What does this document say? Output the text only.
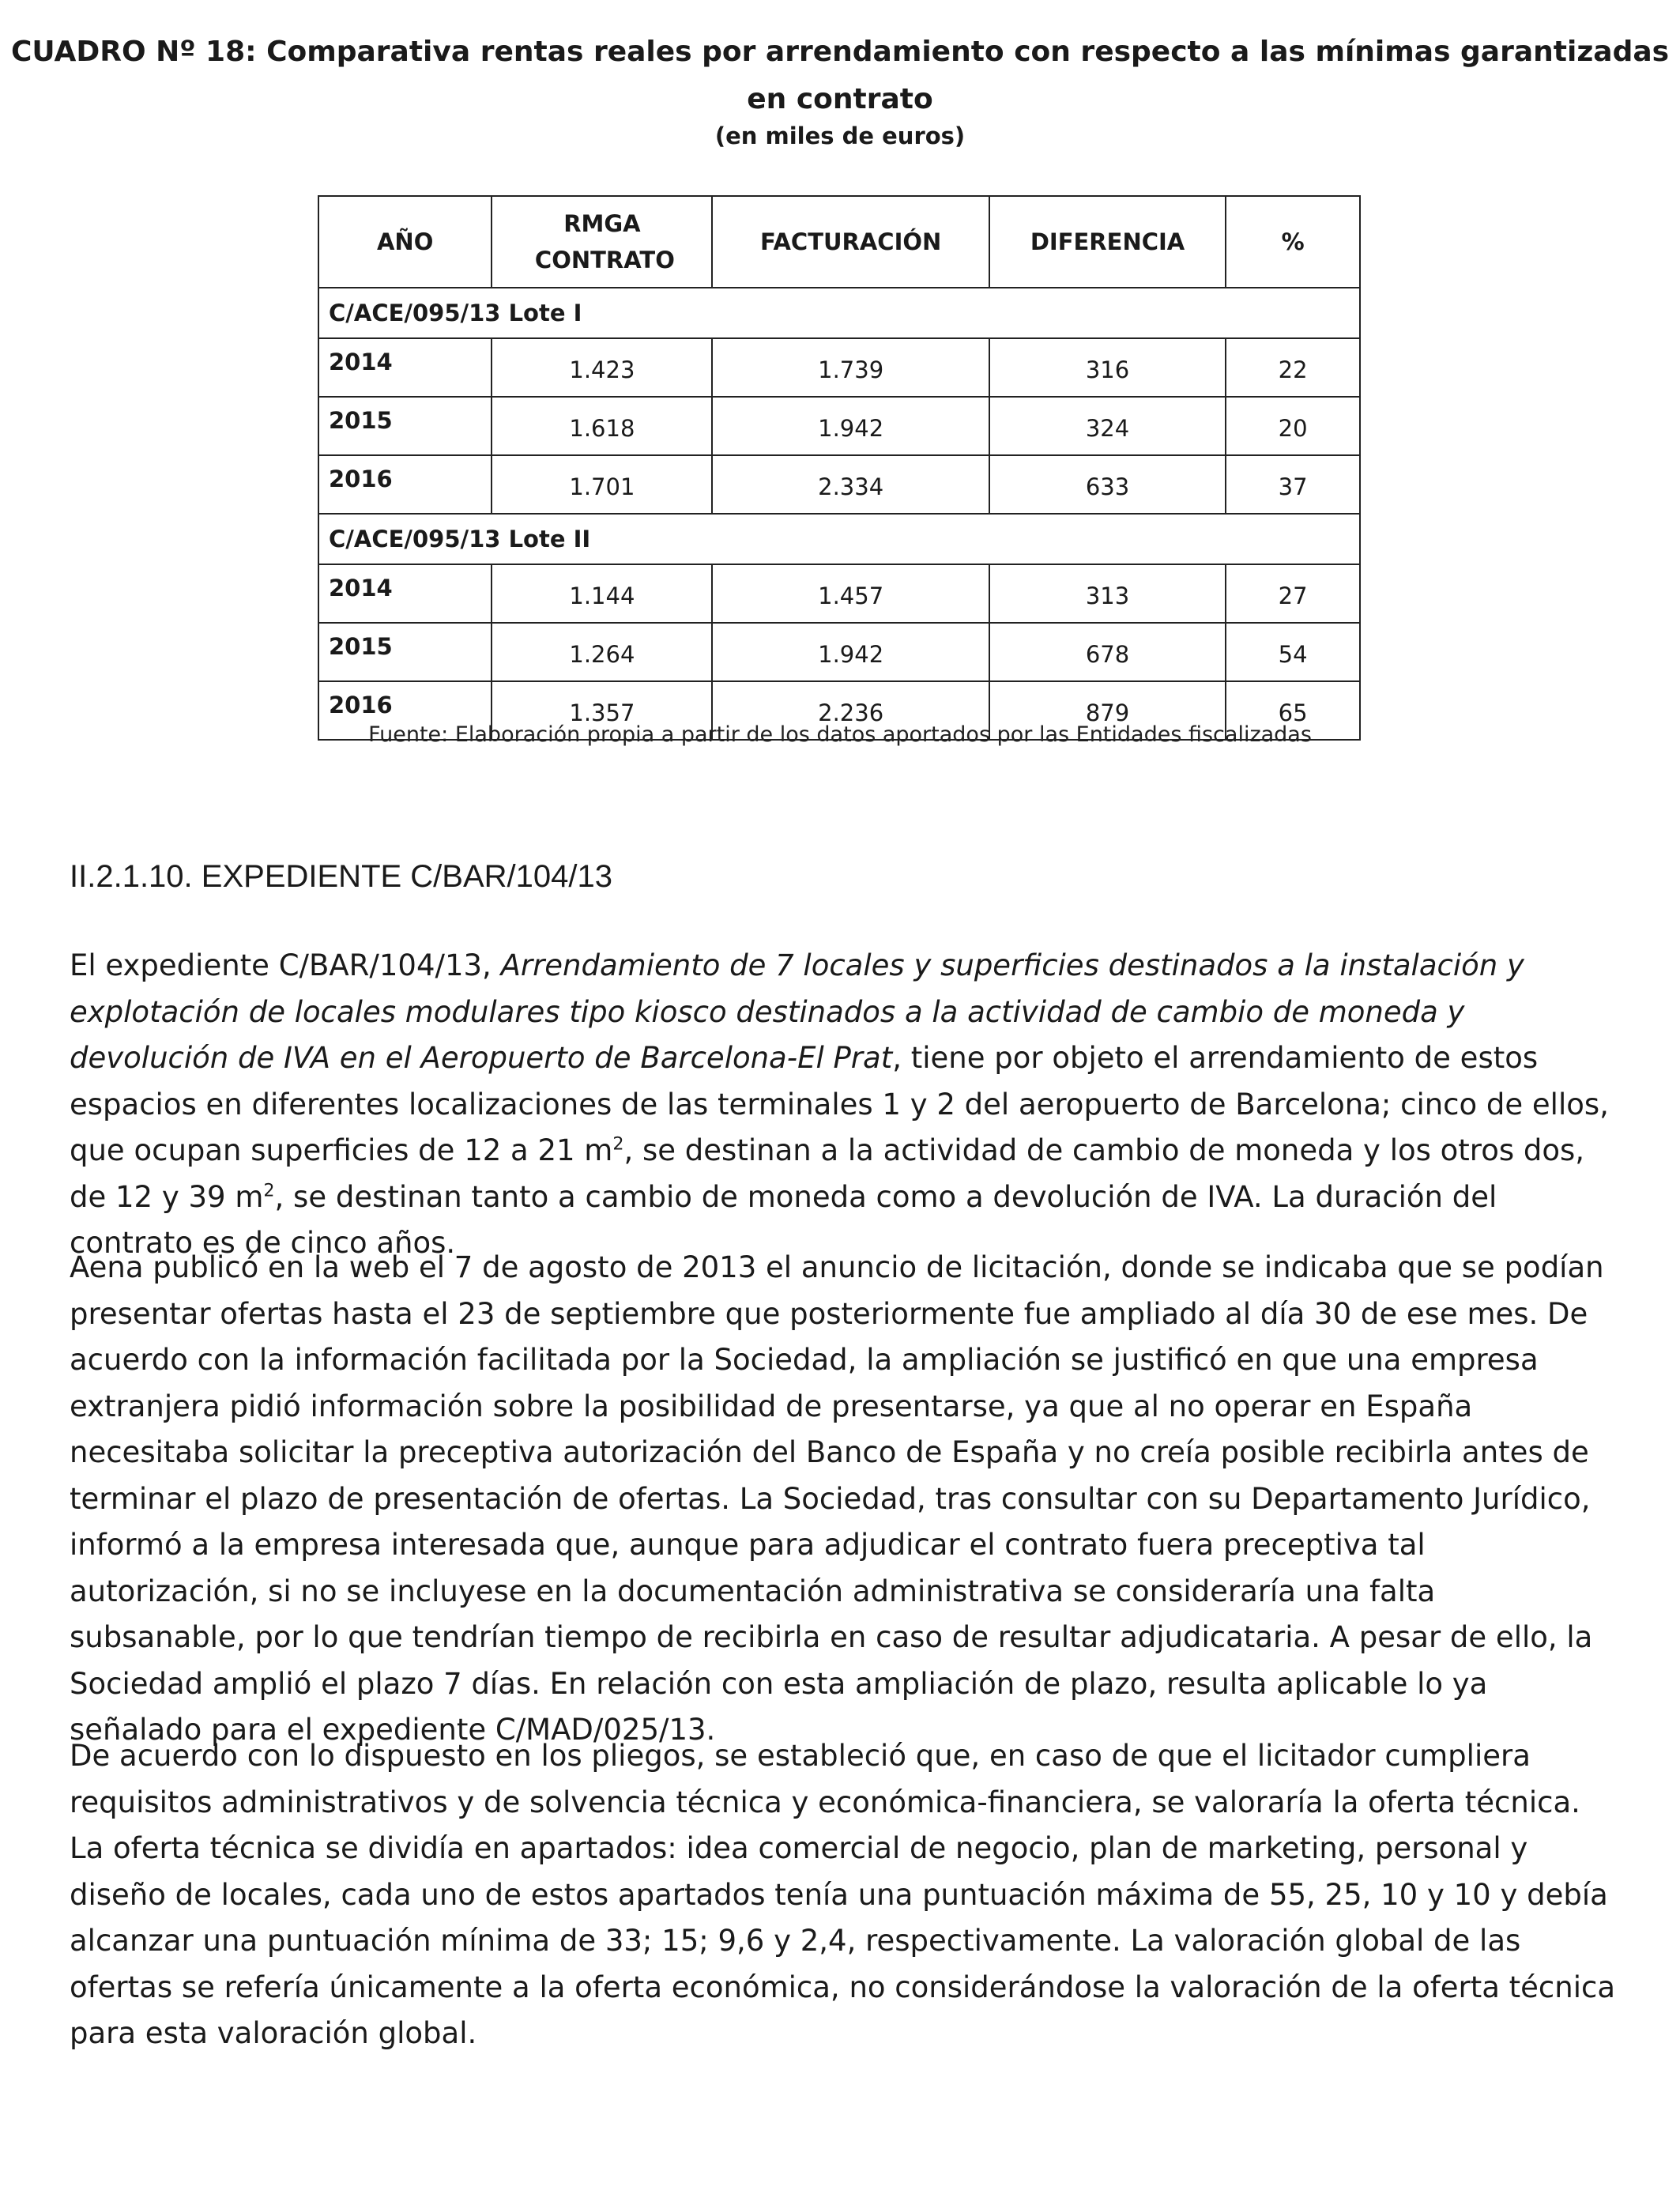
CUADRO Nº 18: Comparativa rentas reales por arrendamiento con respecto a las mínimas garantizadas en contrato
(en miles de euros)
AÑO	RMGA CONTRATO	FACTURACIÓN	DIFERENCIA	%
C/ACE/095/13 Lote I				
2014	1.423	1.739	316	22
2015	1.618	1.942	324	20
2016	1.701	2.334	633	37
C/ACE/095/13 Lote II				
2014	1.144	1.457	313	27
2015	1.264	1.942	678	54
2016	1.357	2.236	879	65
Fuente: Elaboración propia a partir de los datos aportados por las Entidades fiscalizadas
II.2.1.10. EXPEDIENTE C/BAR/104/13

El expediente C/BAR/104/13, Arrendamiento de 7 locales y superficies destinados a la instalación y explotación de locales modulares tipo kiosco destinados a la actividad de cambio de moneda y devolución de IVA en el Aeropuerto de Barcelona-El Prat, tiene por objeto el arrendamiento de estos espacios en diferentes localizaciones de las terminales 1 y 2 del aeropuerto de Barcelona; cinco de ellos, que ocupan superficies de 12 a 21 $m^2$, se destinan a la actividad de cambio de moneda y los otros dos, de 12 y 39 $m^2$, se destinan tanto a cambio de moneda como a devolución de IVA. La duración del contrato es de cinco años.

Aena publicó en la web el 7 de agosto de 2013 el anuncio de licitación, donde se indicaba que se podían presentar ofertas hasta el 23 de septiembre que posteriormente fue ampliado al día 30 de ese mes. De acuerdo con la información facilitada por la Sociedad, la ampliación se justificó en que una empresa extranjera pidió información sobre la posibilidad de presentarse, ya que al no operar en España necesitaba solicitar la preceptiva autorización del Banco de España y no creía posible recibirla antes de terminar el plazo de presentación de ofertas. La Sociedad, tras consultar con su Departamento Jurídico, informó a la empresa interesada que, aunque para adjudicar el contrato fuera preceptiva tal autorización, si no se incluyese en la documentación administrativa se consideraría una falta subsanable, por lo que tendrían tiempo de recibirla en caso de resultar adjudicataria. A pesar de ello, la Sociedad amplió el plazo 7 días. En relación con esta ampliación de plazo, resulta aplicable lo ya señalado para el expediente C/MAD/025/13.

De acuerdo con lo dispuesto en los pliegos, se estableció que, en caso de que el licitador cumpliera requisitos administrativos y de solvencia técnica y económica-financiera, se valoraría la oferta técnica. La oferta técnica se dividía en apartados: idea comercial de negocio, plan de marketing, personal y diseño de locales, cada uno de estos apartados tenía una puntuación máxima de 55, 25, 10 y 10 y debía alcanzar una puntuación mínima de 33; 15; 9,6 y 2,4, respectivamente. La valoración global de las ofertas se refería únicamente a la oferta económica, no considerándose la valoración de la oferta técnica para esta valoración global.
